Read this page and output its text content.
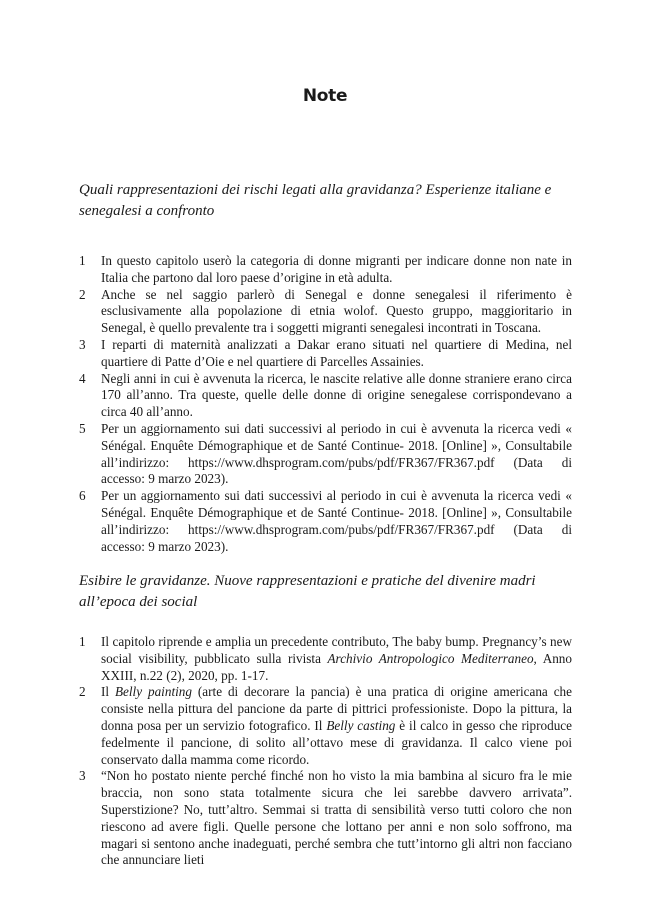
Note

Quali rappresentazioni dei rischi legati alla gravidanza? Esperienze italiane e senegalesi a confronto

1 In questo capitolo userò la categoria di donne migranti per indicare donne non nate in Italia che partono dal loro paese d’origine in età adulta.
2 Anche se nel saggio parlerò di Senegal e donne senegalesi il riferimento è esclusivamente alla popolazione di etnia wolof. Questo gruppo, maggioritario in Senegal, è quello prevalente tra i soggetti migranti senegalesi incontrati in Toscana.
3 I reparti di maternità analizzati a Dakar erano situati nel quartiere di Medina, nel quartiere di Patte d’Oie e nel quartiere di Parcelles Assainies.
4 Negli anni in cui è avvenuta la ricerca, le nascite relative alle donne straniere erano circa 170 all’anno. Tra queste, quelle delle donne di origine senegalese corrispondevano a circa 40 all’anno.
5 Per un aggiornamento sui dati successivi al periodo in cui è avvenuta la ricerca vedi « Sénégal. Enquête Démographique et de Santé Continue- 2018. [Online] », Consultabile all’indirizzo: https://www.dhsprogram.com/pubs/pdf/FR367/FR367.pdf (Data di accesso: 9 marzo 2023).
6 Per un aggiornamento sui dati successivi al periodo in cui è avvenuta la ricerca vedi « Sénégal. Enquête Démographique et de Santé Continue- 2018. [Online] », Consultabile all’indirizzo: https://www.dhsprogram.com/pubs/pdf/FR367/FR367.pdf (Data di accesso: 9 marzo 2023).

Esibire le gravidanze. Nuove rappresentazioni e pratiche del divenire madri all’epoca dei social

1 Il capitolo riprende e amplia un precedente contributo, The baby bump. Pregnancy’s new social visibility, pubblicato sulla rivista Archivio Antropologico Mediterraneo, Anno XXIII, n.22 (2), 2020, pp. 1-17.
2 Il Belly painting (arte di decorare la pancia) è una pratica di origine americana che consiste nella pittura del pancione da parte di pittrici professioniste. Dopo la pittura, la donna posa per un servizio fotografico. Il Belly casting è il calco in gesso che riproduce fedelmente il pancione, di solito all’ottavo mese di gravidanza. Il calco viene poi conservato dalla mamma come ricordo.
3 “Non ho postato niente perché finché non ho visto la mia bambina al sicuro fra le mie braccia, non sono stata totalmente sicura che lei sarebbe davvero arrivata”. Superstizione? No, tutt’altro. Semmai si tratta di sensibilità verso tutti coloro che non riescono ad avere figli. Quelle persone che lottano per anni e non solo soffrono, ma magari si sentono anche inadeguati, perché sembra che tutt’intorno gli altri non facciano che annunciare lieti
